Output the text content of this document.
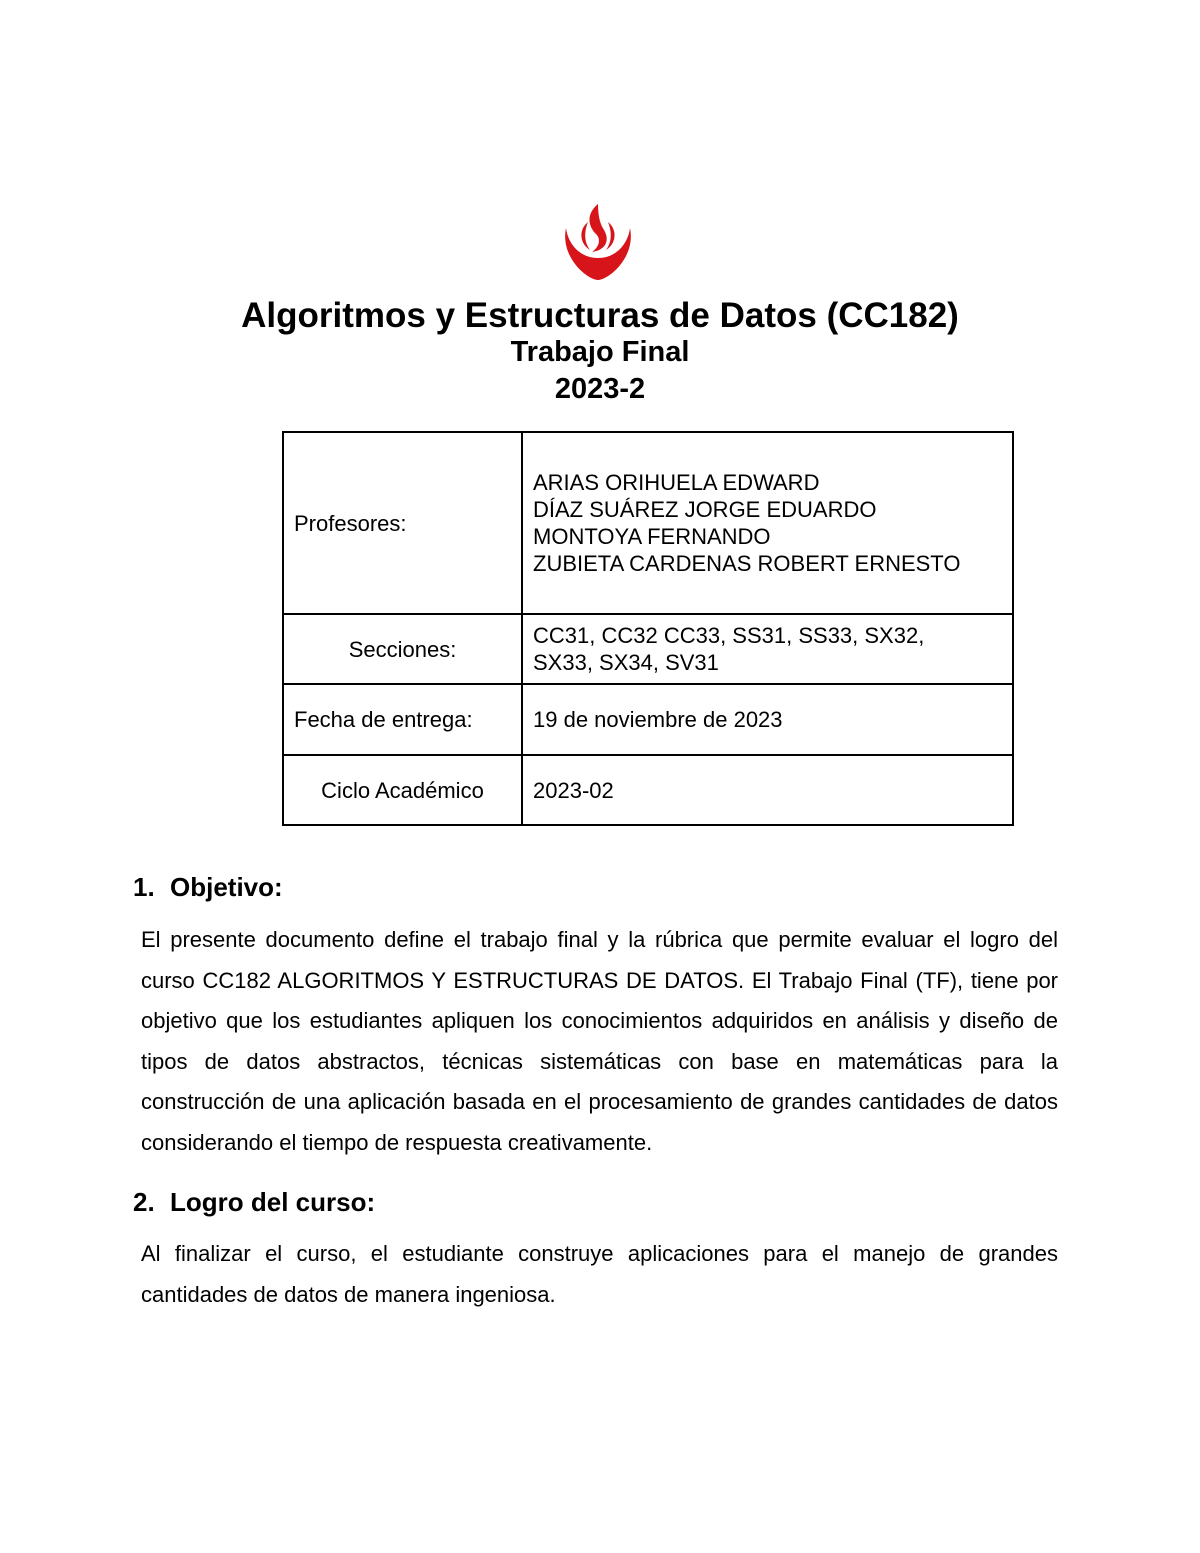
Algoritmos y Estructuras de Datos (CC182)
Trabajo Final
2023-2
Profesores:	ARIAS ORIHUELA EDWARD
DÍAZ SUÁREZ JORGE EDUARDO
MONTOYA FERNANDO
ZUBIETA CARDENAS ROBERT ERNESTO

Secciones:	CC31, CC32 CC33, SS31, SS33, SX32,
SX33, SX34, SV31

Fecha de entrega:	19 de noviembre de 2023
Ciclo Académico	2023-02
1. Objetivo:

El presente documento define el trabajo final y la rúbrica que permite evaluar el logro del curso CC182 ALGORITMOS Y ESTRUCTURAS DE DATOS. El Trabajo Final (TF), tiene por objetivo que los estudiantes apliquen los conocimientos adquiridos en análisis y diseño de tipos de datos abstractos, técnicas sistemáticas con base en matemáticas para la construcción de una aplicación basada en el procesamiento de grandes cantidades de datos considerando el tiempo de respuesta creativamente.

2. Logro del curso:

Al finalizar el curso, el estudiante construye aplicaciones para el manejo de grandes cantidades de datos de manera ingeniosa.
